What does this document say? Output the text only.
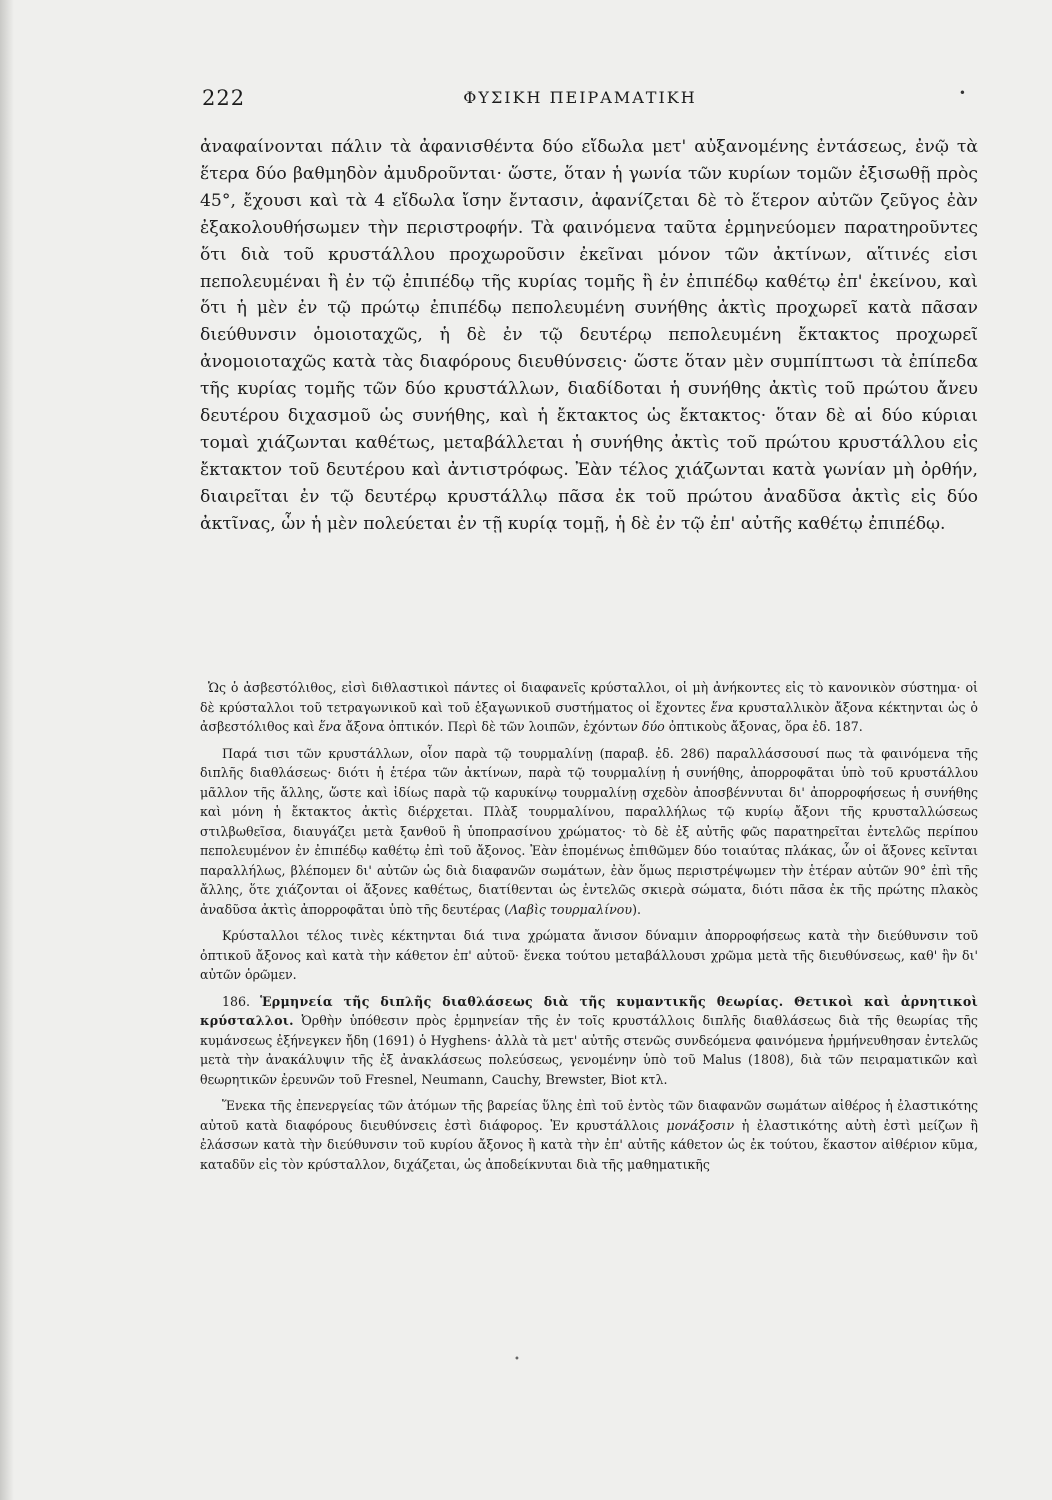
222	ΦΥΣΙΚΗ ΠΕΙΡΑΜΑΤΙΚΗ	•

ἀναφαίνονται πάλιν τὰ ἀφανισθέντα δύο εἴδωλα μετ' αὐξανομένης ἐντάσεως, ἐνῷ τὰ ἕτερα δύο βαθμηδὸν ἀμυδροῦνται· ὥστε, ὅταν ἡ γωνία τῶν κυρίων τομῶν ἐξισωθῇ πρὸς 45°, ἔχουσι καὶ τὰ 4 εἴδωλα ἴσην ἔντασιν, ἀφανίζεται δὲ τὸ ἕτερον αὐτῶν ζεῦγος ἐὰν ἐξακολουθήσωμεν τὴν περιστροφήν. Τὰ φαινόμενα ταῦτα ἑρμηνεύομεν παρατηροῦντες ὅτι διὰ τοῦ κρυστάλλου προχωροῦσιν ἐκεῖναι μόνον τῶν ἀκτίνων, αἵτινές εἰσι πεπολευμέναι ἢ ἐν τῷ ἐπιπέδῳ τῆς κυρίας τομῆς ἢ ἐν ἐπιπέδῳ καθέτῳ ἐπ' ἐκείνου, καὶ ὅτι ἡ μὲν ἐν τῷ πρώτῳ ἐπιπέδῳ πεπολευμένη συνήθης ἀκτὶς προχωρεῖ κατὰ πᾶσαν διεύθυνσιν ὁμοιοταχῶς, ἡ δὲ ἐν τῷ δευτέρῳ πεπολευμένη ἔκτακτος προχωρεῖ ἀνομοιοταχῶς κατὰ τὰς διαφόρους διευθύνσεις· ὥστε ὅταν μὲν συμπίπτωσι τὰ ἐπίπεδα τῆς κυρίας τομῆς τῶν δύο κρυστάλλων, διαδίδοται ἡ συνήθης ἀκτὶς τοῦ πρώτου ἄνευ δευτέρου διχασμοῦ ὡς συνήθης, καὶ ἡ ἔκτακτος ὡς ἔκτακτος· ὅταν δὲ αἱ δύο κύριαι τομαὶ χιάζωνται καθέτως, μεταβάλλεται ἡ συνήθης ἀκτὶς τοῦ πρώτου κρυστάλλου εἰς ἔκτακτον τοῦ δευτέρου καὶ ἀντιστρόφως. Ἐὰν τέλος χιάζωνται κατὰ γωνίαν μὴ ὀρθήν, διαιρεῖται ἐν τῷ δευτέρῳ κρυστάλλῳ πᾶσα ἐκ τοῦ πρώτου ἀναδῦσα ἀκτὶς εἰς δύο ἀκτῖνας, ὧν ἡ μὲν πολεύεται ἐν τῇ κυρίᾳ τομῇ, ἡ δὲ ἐν τῷ ἐπ' αὐτῆς καθέτῳ ἐπιπέδῳ.

Ὡς ὁ ἀσβεστόλιθος, εἰσὶ διθλαστικοὶ πάντες οἱ διαφανεῖς κρύσταλλοι, οἱ μὴ ἀνήκοντες εἰς τὸ κανονικὸν σύστημα· οἱ δὲ κρύσταλλοι τοῦ τετραγωνικοῦ καὶ τοῦ ἑξαγωνικοῦ συστήματος οἱ ἔχοντες ἕνα κρυσταλλικὸν ἄξονα κέκτηνται ὡς ὁ ἀσβεστόλιθος καὶ ἕνα ἄξονα ὀπτικόν. Περὶ δὲ τῶν λοιπῶν, ἐχόντων δύο ὀπτικοὺς ἄξονας, ὅρα ἐδ. 187.

Παρά τισι τῶν κρυστάλλων, οἷον παρὰ τῷ τουρμαλίνῃ (παραβ. ἐδ. 286) παραλλάσσουσί πως τὰ φαινόμενα τῆς διπλῆς διαθλάσεως· διότι ἡ ἑτέρα τῶν ἀκτίνων, παρὰ τῷ τουρμαλίνῃ ἡ συνήθης, ἀπορροφᾶται ὑπὸ τοῦ κρυστάλλου μᾶλλον τῆς ἄλλης, ὥστε καὶ ἰδίως παρὰ τῷ καρυκίνῳ τουρμαλίνῃ σχεδὸν ἀποσβέννυται δι' ἀπορροφήσεως ἡ συνήθης καὶ μόνη ἡ ἔκτακτος ἀκτὶς διέρχεται. Πλὰξ τουρμαλίνου, παραλλήλως τῷ κυρίῳ ἄξονι τῆς κρυσταλλώσεως στιλβωθεῖσα, διαυγάζει μετὰ ξανθοῦ ἢ ὑποπρασίνου χρώματος· τὸ δὲ ἐξ αὐτῆς φῶς παρατηρεῖται ἐντελῶς περίπου πεπολευμένον ἐν ἐπιπέδῳ καθέτῳ ἐπὶ τοῦ ἄξονος. Ἐὰν ἑπομένως ἐπιθῶμεν δύο τοιαύτας πλάκας, ὧν οἱ ἄξονες κεῖνται παραλλήλως, βλέπομεν δι' αὐτῶν ὡς διὰ διαφανῶν σωμάτων, ἐὰν ὅμως περιστρέψωμεν τὴν ἑτέραν αὐτῶν 90° ἐπὶ τῆς ἄλλης, ὅτε χιάζονται οἱ ἄξονες καθέτως, διατίθενται ὡς ἐντελῶς σκιερὰ σώματα, διότι πᾶσα ἐκ τῆς πρώτης πλακὸς ἀναδῦσα ἀκτὶς ἀπορροφᾶται ὑπὸ τῆς δευτέρας (Λαβὶς τουρμαλίνου).

Κρύσταλλοι τέλος τινὲς κέκτηνται διά τινα χρώματα ἄνισον δύναμιν ἀπορροφήσεως κατὰ τὴν διεύθυνσιν τοῦ ὀπτικοῦ ἄξονος καὶ κατὰ τὴν κάθετον ἐπ' αὐτοῦ· ἕνεκα τούτου μεταβάλλουσι χρῶμα μετὰ τῆς διευθύνσεως, καθ' ἣν δι' αὐτῶν ὁρῶμεν.

186. Ἑρμηνεία τῆς διπλῆς διαθλάσεως διὰ τῆς κυμαντικῆς θεωρίας. Θετικοὶ καὶ ἀρνητικοὶ κρύσταλλοι. Ὀρθὴν ὑπόθεσιν πρὸς ἑρμηνείαν τῆς ἐν τοῖς κρυστάλλοις διπλῆς διαθλάσεως διὰ τῆς θεωρίας τῆς κυμάνσεως ἐξήνεγκεν ἤδη (1691) ὁ Hyghens· ἀλλὰ τὰ μετ' αὐτῆς στενῶς συνδεόμενα φαινόμενα ἡρμήνευθησαν ἐντελῶς μετὰ τὴν ἀνακάλυψιν τῆς ἐξ ἀνακλάσεως πολεύσεως, γενομένην ὑπὸ τοῦ Malus (1808), διὰ τῶν πειραματικῶν καὶ θεωρητικῶν ἐρευνῶν τοῦ Fresnel, Neumann, Cauchy, Brewster, Biot κτλ.

Ἕνεκα τῆς ἐπενεργείας τῶν ἀτόμων τῆς βαρείας ὕλης ἐπὶ τοῦ ἐντὸς τῶν διαφανῶν σωμάτων αἰθέρος ἡ ἐλαστικότης αὐτοῦ κατὰ διαφόρους διευθύνσεις ἐστὶ διάφορος. Ἐν κρυστάλλοις μονάξοσιν ἡ ἐλαστικότης αὐτὴ ἐστὶ μείζων ἢ ἐλάσσων κατὰ τὴν διεύθυνσιν τοῦ κυρίου ἄξονος ἢ κατὰ τὴν ἐπ' αὐτῆς κάθετον ὡς ἐκ τούτου, ἕκαστον αἰθέριον κῦμα, καταδῦν εἰς τὸν κρύσταλλον, διχάζεται, ὡς ἀποδείκνυται διὰ τῆς μαθηματικῆς

•
